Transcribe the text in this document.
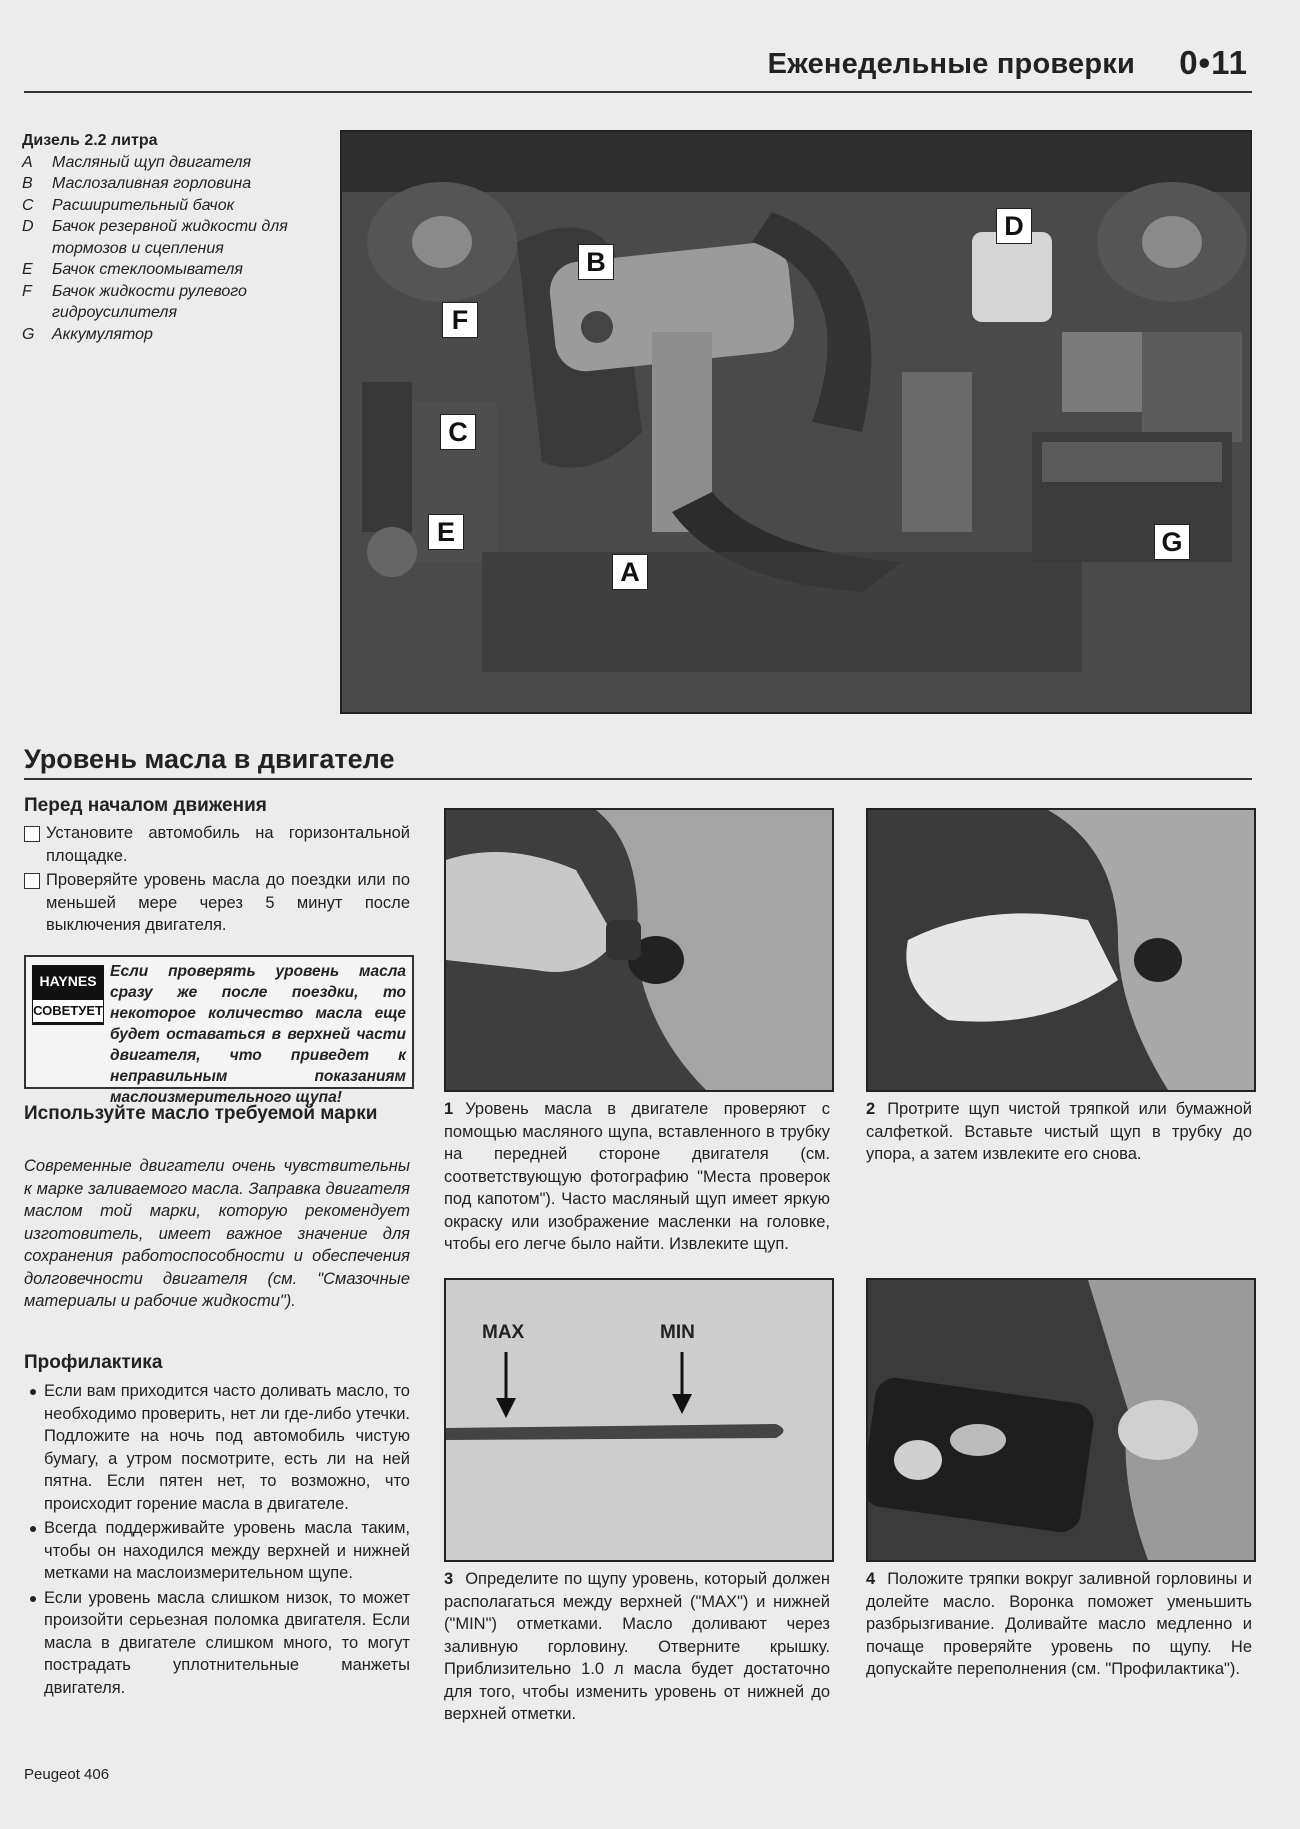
Еженедельные проверки 0•11
Дизель 2.2 литра
A	Масляный щуп двигателя
B	Маслозаливная горловина
C	Расширительный бачок
D	Бачок резервной жидкости для тормозов и сцепления
E	Бачок стеклоомывателя
F	Бачок жидкости рулевого гидроусилителя
G	Аккумулятор
B
D
F
C
E
A
G
Уровень масла в двигателе
Перед началом движения
Установите автомобиль на горизонтальной площадке.
Проверяйте уровень масла до поездки или по меньшей мере через 5 минут после выключения двигателя.
HAYNES
СОВЕТУЕТ
Если проверять уровень масла сразу же после поездки, то некоторое количество масла еще будет оставаться в верхней части двигателя, что приведет к неправильным показаниям маслоизмерительного щупа!
Используйте масло требуемой марки
Современные двигатели очень чувствительны к марке заливаемого масла. Заправка двигателя маслом той марки, которую рекомендует изготовитель, имеет важное значение для сохранения работоспособности и обеспечения долговечности двигателя (см. "Смазочные материалы и рабочие жидкости").
Профилактика
Если вам приходится часто доливать масло, то необходимо проверить, нет ли где-либо утечки. Подложите на ночь под автомобиль чистую бумагу, а утром посмотрите, есть ли на ней пятна. Если пятен нет, то возможно, что происходит горение масла в двигателе.
Всегда поддерживайте уровень масла таким, чтобы он находился между верхней и нижней метками на маслоизмерительном щупе.
Если уровень масла слишком низок, то может произойти серьезная поломка двигателя. Если масла в двигателе слишком много, то могут пострадать уплотнительные манжеты двигателя.
1 Уровень масла в двигателе проверяют с помощью масляного щупа, вставленного в трубку на передней стороне двигателя (см. соответствующую фотографию "Места проверок под капотом"). Часто масляный щуп имеет яркую окраску или изображение масленки на головке, чтобы его легче было найти. Извлеките щуп.
2 Протрите щуп чистой тряпкой или бумажной салфеткой. Вставьте чистый щуп в трубку до упора, а затем извлеките его снова.
MAX	MIN
3 Определите по щупу уровень, который должен располагаться между верхней ("MAX") и нижней ("MIN") отметками. Масло доливают через заливную горловину. Отверните крышку. Приблизительно 1.0 л масла будет достаточно для того, чтобы изменить уровень от нижней до верхней отметки.
4 Положите тряпки вокруг заливной горловины и долейте масло. Воронка поможет уменьшить разбрызгивание. Доливайте масло медленно и почаще проверяйте уровень по щупу. Не допускайте переполнения (см. "Профилактика").
Peugeot 406
